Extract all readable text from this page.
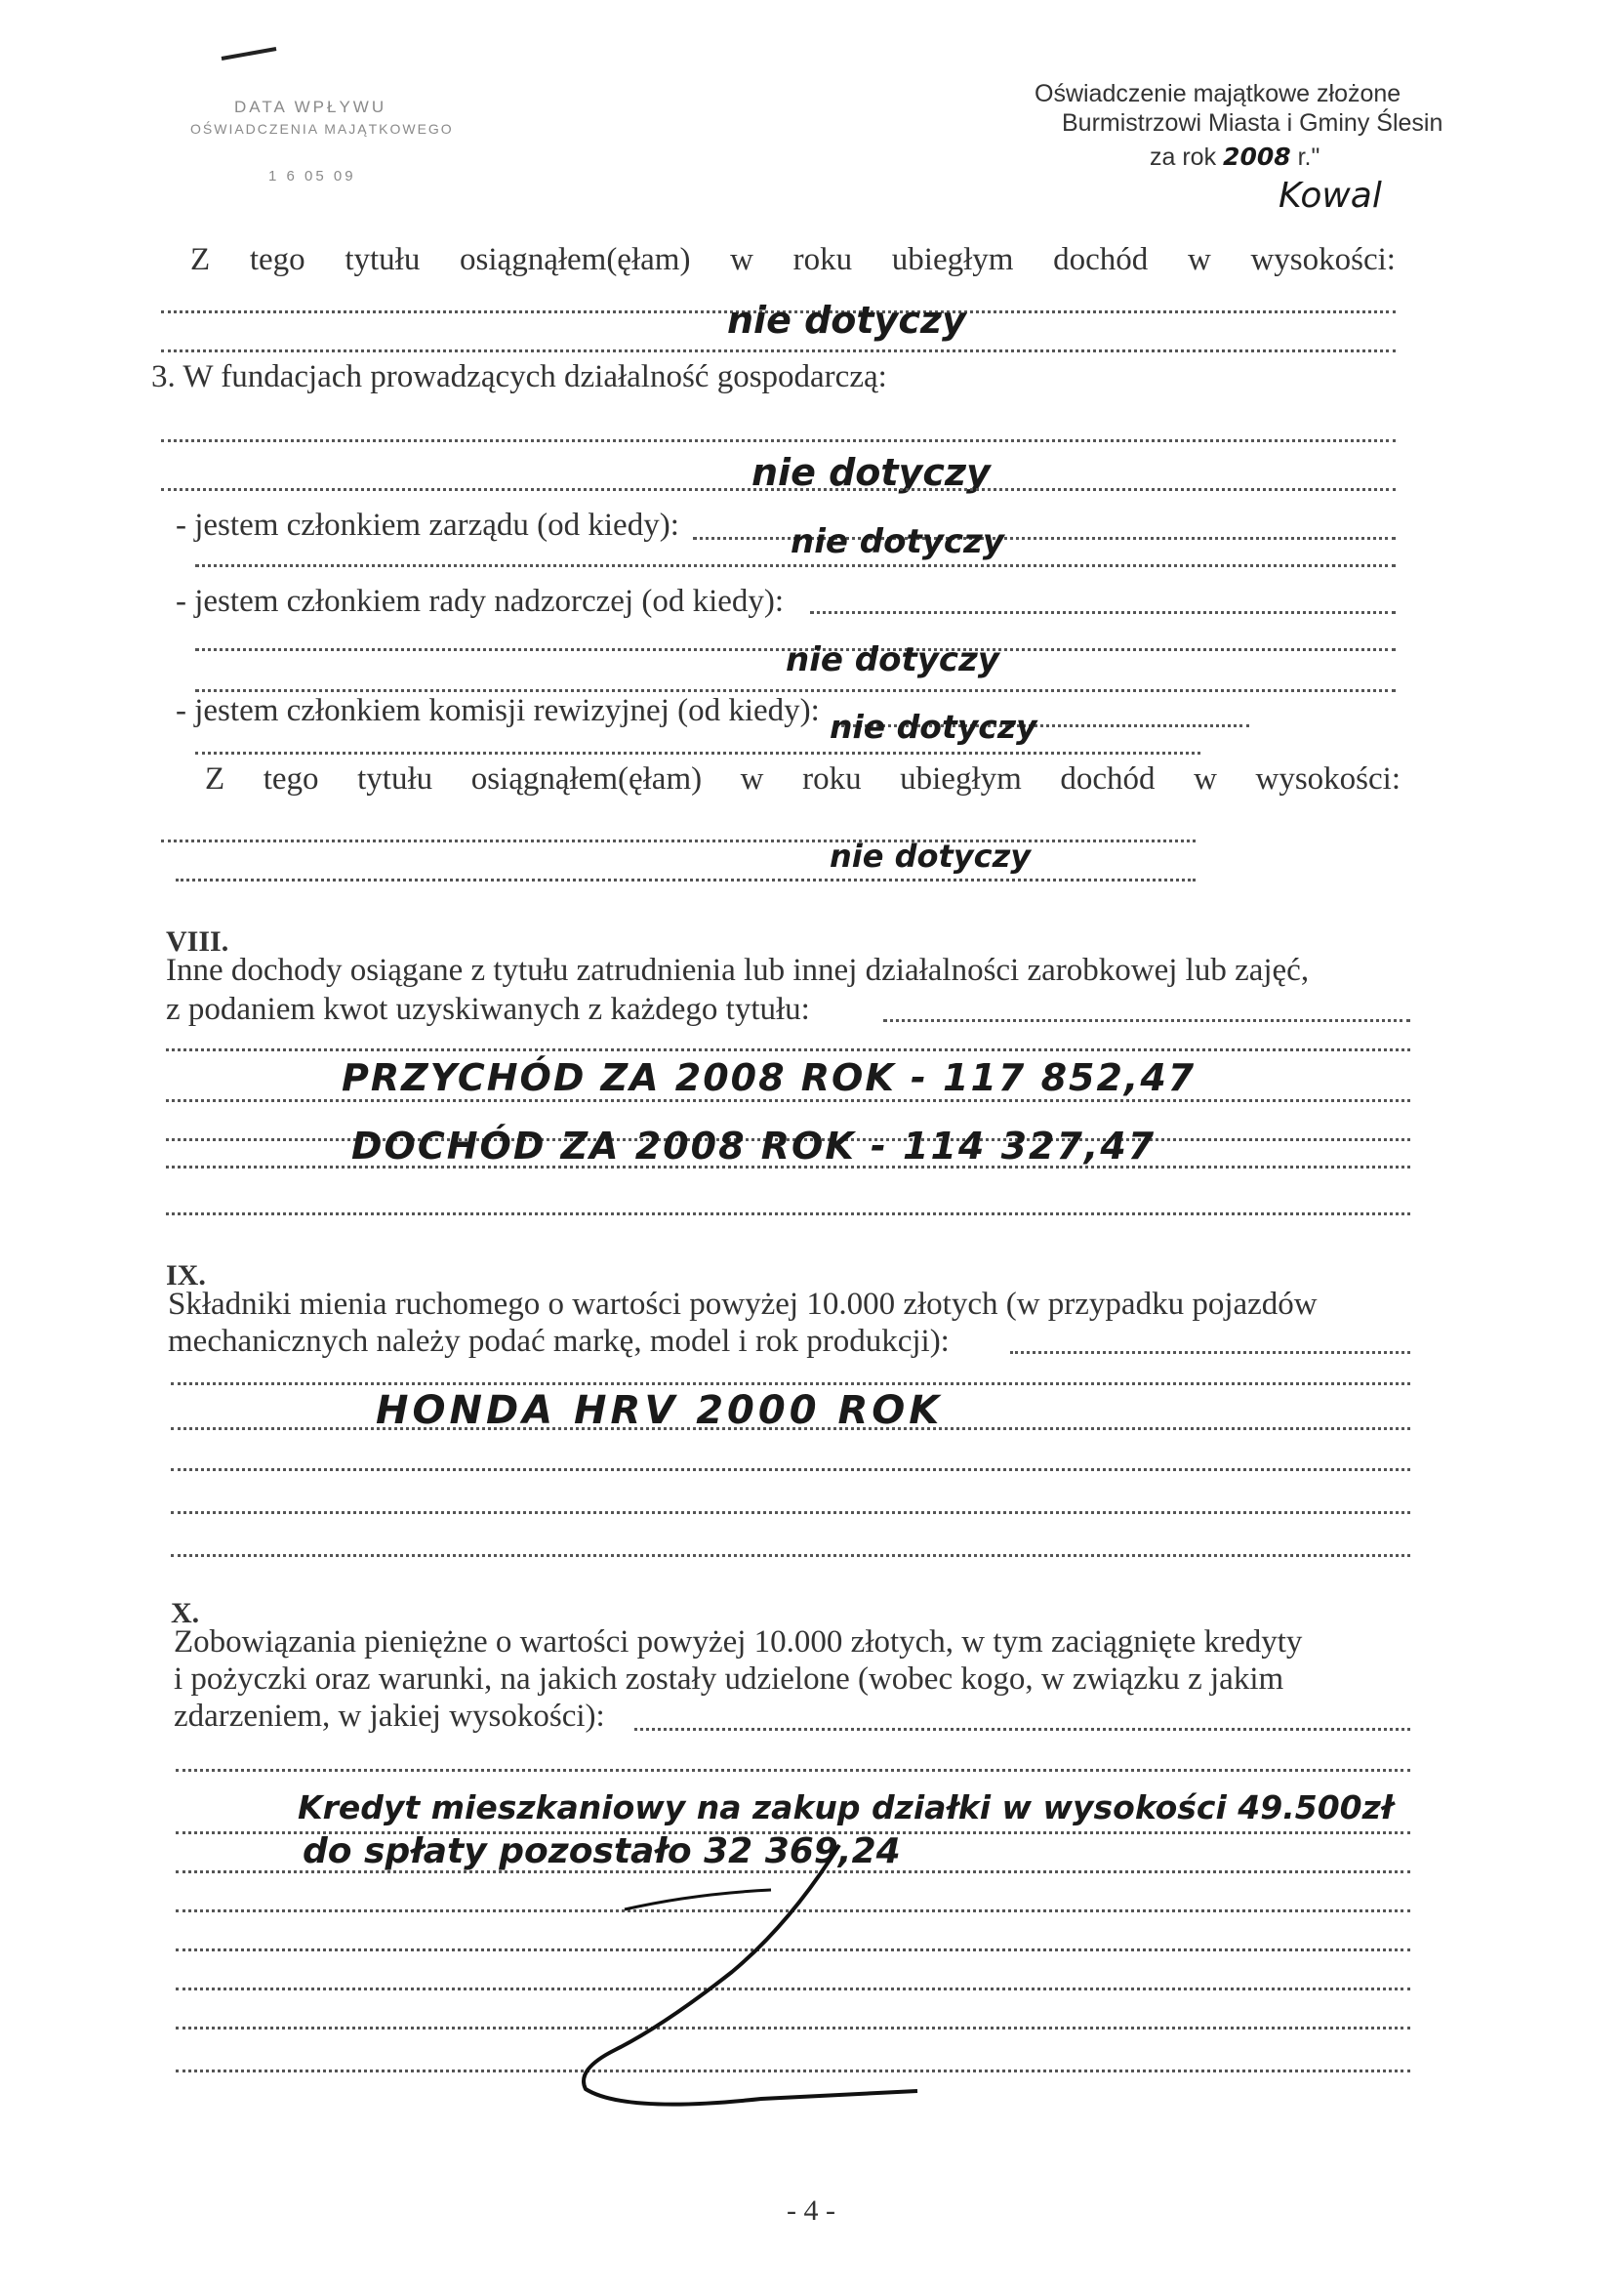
DATA WPŁYWU
OŚWIADCZENIA MAJĄTKOWEGO
1 6 05 09
Oświadczenie majątkowe złożone
Burmistrzowi Miasta i Gminy Ślesin
za rok 2008 r."
Kowal
Z tego tytułu osiągnąłem(ęłam) w roku ubiegłym dochód w wysokości:
nie dotyczy
3. W fundacjach prowadzących działalność gospodarczą:
nie dotyczy
- jestem członkiem zarządu (od kiedy):	nie dotyczy
- jestem członkiem rady nadzorczej (od kiedy):
nie dotyczy
- jestem członkiem komisji rewizyjnej (od kiedy): nie dotyczy
Z tego tytułu osiągnąłem(ęłam) w roku ubiegłym dochód w wysokości:
nie dotyczy
VIII.
Inne dochody osiągane z tytułu zatrudnienia lub innej działalności zarobkowej lub zajęć,
z podaniem kwot uzyskiwanych z każdego tytułu:
PRZYCHÓD ZA 2008 ROK - 117 852,47
DOCHÓD ZA 2008 ROK - 114 327,47
IX.
Składniki mienia ruchomego o wartości powyżej 10.000 złotych (w przypadku pojazdów
mechanicznych należy podać markę, model i rok produkcji):
HONDA HRV 2000 ROK
X.
Zobowiązania pieniężne o wartości powyżej 10.000 złotych, w tym zaciągnięte kredyty
i pożyczki oraz warunki, na jakich zostały udzielone (wobec kogo, w związku z jakim
zdarzeniem, w jakiej wysokości):
Kredyt mieszkaniowy na zakup działki w wysokości 49.500zł
do spłaty pozostało 32 369,24
- 4 -
